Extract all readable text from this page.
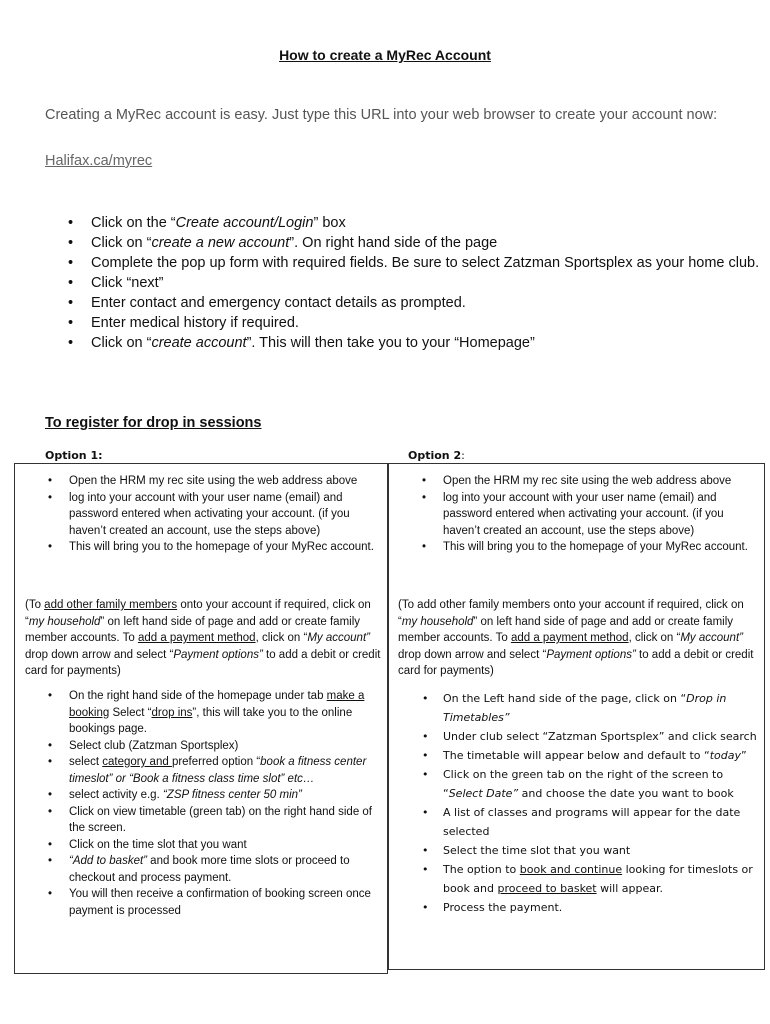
How to create a MyRec Account

Creating a MyRec account is easy. Just type this URL into your web browser to create your account now:

Halifax.ca/myrec
• Click on the “Create account/Login” box
• Click on “create a new account”. On right hand side of the page
• Complete the pop up form with required fields. Be sure to select Zatzman Sportsplex as your home club.
• Click “next”
• Enter contact and emergency contact details as prompted.
• Enter medical history if required.
• Click on “create account”. This will then take you to your “Homepage”
To register for drop in sessions
Option 1:	Option 2:
• Open the HRM my rec site using the web address above
• log into your account with your user name (email) and password entered when activating your account. (if you haven’t created an account, use the steps above)
• This will bring you to the homepage of your MyRec account.

(To add other family members onto your account if required, click on “my household” on left hand side of page and add or create family member accounts. To add a payment method, click on “My account” drop down arrow and select “Payment options” to add a debit or credit card for payments)

• On the right hand side of the homepage under tab make a booking Select “drop ins”, this will take you to the online bookings page.
• Select club (Zatzman Sportsplex)
• select category and preferred option “book a fitness center timeslot” or “Book a fitness class time slot” etc…
• select activity e.g. “ZSP fitness center 50 min”
• Click on view timetable (green tab) on the right hand side of the screen.
• Click on the time slot that you want
• “Add to basket” and book more time slots or proceed to checkout and process payment.
• You will then receive a confirmation of booking screen once payment is processed
• Open the HRM my rec site using the web address above
• log into your account with your user name (email) and password entered when activating your account. (if you haven’t created an account, use the steps above)
• This will bring you to the homepage of your MyRec account.

(To add other family members onto your account if required, click on “my household” on left hand side of page and add or create family member accounts. To add a payment method, click on “My account” drop down arrow and select “Payment options” to add a debit or credit card for payments)

• On the Left hand side of the page, click on “Drop in Timetables”
• Under club select “Zatzman Sportsplex” and click search
• The timetable will appear below and default to “today”
• Click on the green tab on the right of the screen to “Select Date” and choose the date you want to book
• A list of classes and programs will appear for the date selected
• Select the time slot that you want
• The option to book and continue looking for timeslots or book and proceed to basket will appear.
• Process the payment.
